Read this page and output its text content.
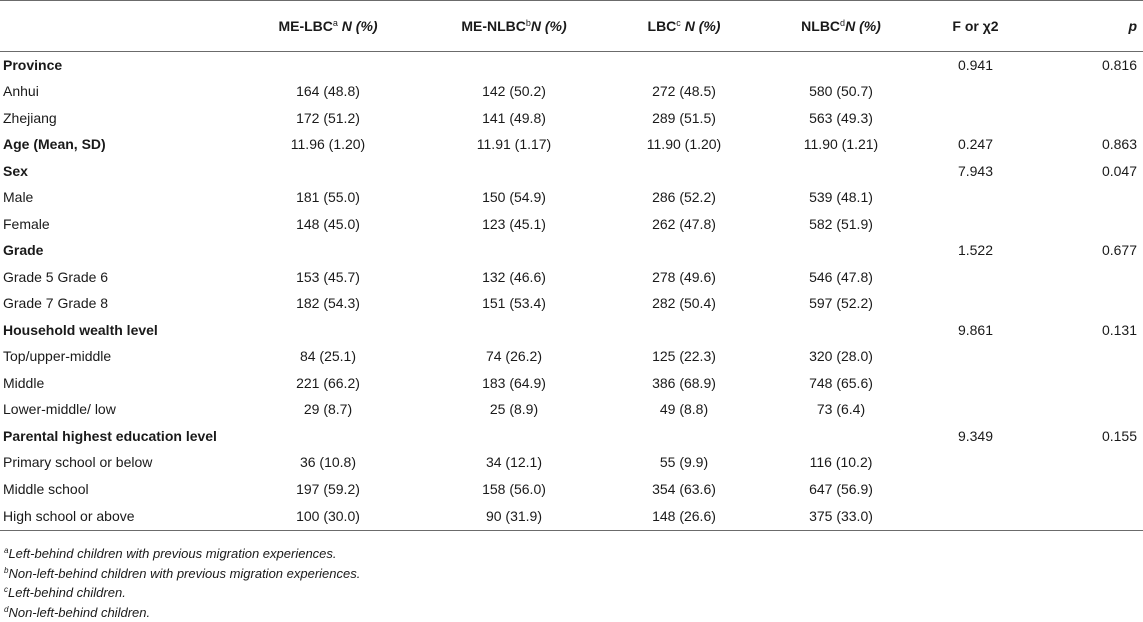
	ME-LBC$^a$ N (%)	ME-NLBC$^b$N (%)	LBC$^c$ N (%)	NLBC$^d$N (%)	F or χ2	p
Province					0.941	0.816
Anhui	164 (48.8)	142 (50.2)	272 (48.5)	580 (50.7)		
Zhejiang	172 (51.2)	141 (49.8)	289 (51.5)	563 (49.3)		
Age (Mean, SD)	11.96 (1.20)	11.91 (1.17)	11.90 (1.20)	11.90 (1.21)	0.247	0.863
Sex					7.943	0.047
Male	181 (55.0)	150 (54.9)	286 (52.2)	539 (48.1)		
Female	148 (45.0)	123 (45.1)	262 (47.8)	582 (51.9)		
Grade					1.522	0.677
Grade 5 Grade 6	153 (45.7)	132 (46.6)	278 (49.6)	546 (47.8)		
Grade 7 Grade 8	182 (54.3)	151 (53.4)	282 (50.4)	597 (52.2)		
Household wealth level					9.861	0.131
Top/upper-middle	84 (25.1)	74 (26.2)	125 (22.3)	320 (28.0)		
Middle	221 (66.2)	183 (64.9)	386 (68.9)	748 (65.6)		
Lower-middle/ low	29 (8.7)	25 (8.9)	49 (8.8)	73 (6.4)		
Parental highest education level					9.349	0.155
Primary school or below	36 (10.8)	34 (12.1)	55 (9.9)	116 (10.2)		
Middle school	197 (59.2)	158 (56.0)	354 (63.6)	647 (56.9)		
High school or above	100 (30.0)	90 (31.9)	148 (26.6)	375 (33.0)		
$^a$Left-behind children with previous migration experiences.
$^b$Non-left-behind children with previous migration experiences.
$^c$Left-behind children.
$^d$Non-left-behind children.
